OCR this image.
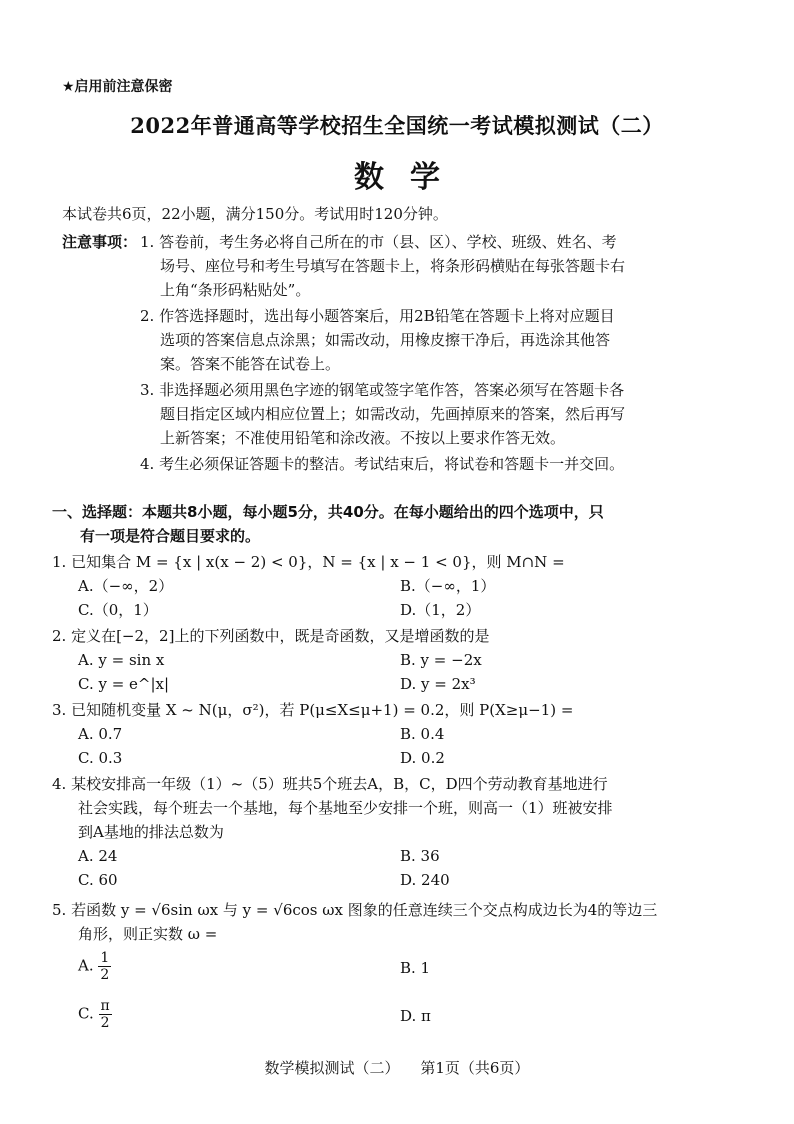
★启用前注意保密
2022年普通高等学校招生全国统一考试模拟测试（二）
数学
本试卷共6页，22小题，满分150分。考试用时120分钟。
注意事项： 1. 答卷前，考生务必将自己所在的市（县、区）、学校、班级、姓名、考
场号、座位号和考生号填写在答题卡上，将条形码横贴在每张答题卡右
上角“条形码粘贴处”。
2. 作答选择题时，选出每小题答案后，用2B铅笔在答题卡上将对应题目
选项的答案信息点涂黑；如需改动，用橡皮擦干净后，再选涂其他答
案。答案不能答在试卷上。
3. 非选择题必须用黑色字迹的钢笔或签字笔作答，答案必须写在答题卡各
题目指定区域内相应位置上；如需改动，先画掉原来的答案，然后再写
上新答案；不准使用铅笔和涂改液。不按以上要求作答无效。
4. 考生必须保证答题卡的整洁。考试结束后，将试卷和答题卡一并交回。
一、选择题：本题共8小题，每小题5分，共40分。在每小题给出的四个选项中，只
有一项是符合题目要求的。
1. 已知集合 M = {x | x(x − 2) < 0}，N = {x | x − 1 < 0}，则 M∩N =
A.（−∞，2）	B.（−∞，1）
C.（0，1）	D.（1，2）
2. 定义在[−2，2]上的下列函数中，既是奇函数，又是增函数的是
A. y = sin x	B. y = −2x
C. y = e^|x|	D. y = 2x³
3. 已知随机变量 X ~ N(μ，σ²)，若 P(μ≤X≤μ+1) = 0.2，则 P(X≥μ−1) =
A. 0.7	B. 0.4
C. 0.3	D. 0.2
4. 某校安排高一年级（1）~（5）班共5个班去A，B，C，D四个劳动教育基地进行
社会实践，每个班去一个基地，每个基地至少安排一个班，则高一（1）班被安排
到A基地的排法总数为
A. 24	B. 36
C. 60	D. 240
5. 若函数 y = √6sin ωx 与 y = √6cos ωx 图象的任意连续三个交点构成边长为4的等边三
角形，则正实数 ω =
A. $\frac{1}{2}$	B. 1
C. $\frac{\pi}{2}$	D. π
数学模拟测试（二） 第1页（共6页）
